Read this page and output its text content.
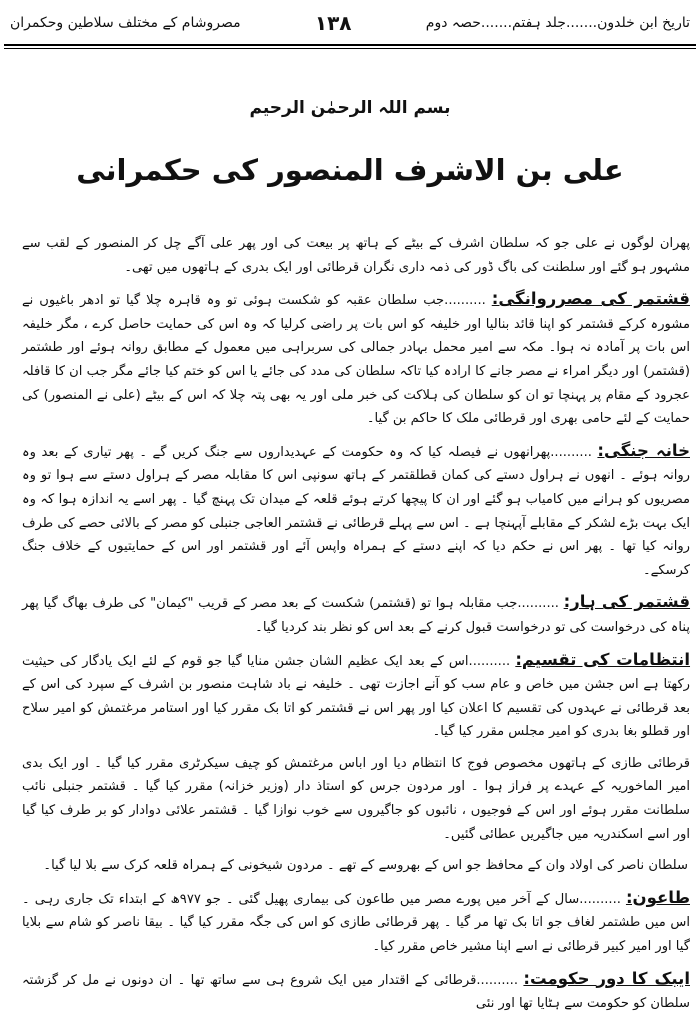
تاریخ ابن خلدون.......جلد ہفتم.......حصہ دوم
۱۳۸
مصروشام کے مختلف سلاطین وحکمران
بسم اللہ الرحمٰن الرحیم
علی بن الاشرف المنصور کی حکمرانی

پھران لوگوں نے علی جو کہ سلطان اشرف کے بیٹے کے ہاتھ پر بیعت کی اور پھر علی آگے چل کر المنصور کے لقب سے مشہور ہو گئے اور سلطنت کی باگ ڈور کی ذمہ داری نگران قرطائی اور ایک بدری کے ہاتھوں میں تھی۔

قشتمر کی مصرروانگی: ..........جب سلطان عقبہ کو شکست ہوئی تو وہ قاہرہ چلا گیا تو ادھر باغیوں نے مشورہ کرکے قشتمر کو اپنا قائد بنالیا اور خلیفہ کو اس بات پر راضی کرلیا کہ وہ اس کی حمایت حاصل کرے ، مگر خلیفہ اس بات پر آمادہ نہ ہوا۔ مکہ سے امیر محمل بہادر جمالی کی سربراہی میں معمول کے مطابق روانہ ہوئے اور طشتمر (قشتمر) اور دیگر امراء نے مصر جانے کا ارادہ کیا تاکہ سلطان کی مدد کی جائے یا اس کو ختم کیا جائے مگر جب ان کا قافلہ عجرود کے مقام پر پہنچا تو ان کو سلطان کی ہلاکت کی خبر ملی اور یہ بھی پتہ چلا کہ اس کے بیٹے (علی نے المنصور) کی حمایت کے لئے حامی بھری اور قرطائی ملک کا حاکم بن گیا۔

خانہ جنگی: ..........پھرانھوں نے فیصلہ کیا کہ وہ حکومت کے عہدیداروں سے جنگ کریں گے ۔ پھر تیاری کے بعد وہ روانہ ہوئے ۔ انھوں نے ہراول دستے کی کمان قطلقتمر کے ہاتھ سونپی اس کا مقابلہ مصر کے ہراول دستے سے ہوا تو وہ مصریوں کو ہرانے میں کامیاب ہو گئے اور ان کا پیچھا کرتے ہوئے قلعہ کے میدان تک پہنچ گیا ۔ پھر اسے یہ اندازہ ہوا کہ وہ ایک بہت بڑے لشکر کے مقابلے آپہنچا ہے ۔ اس سے پہلے قرطائی نے قشتمر العاجی جنبلی کو مصر کے بالائی حصے کی طرف روانہ کیا تھا ۔ پھر اس نے حکم دیا کہ اپنے دستے کے ہمراہ واپس آئے اور قشتمر اور اس کے حمایتیوں کے خلاف جنگ کرسکے۔

قشتمر کی ہار: ..........جب مقابلہ ہوا تو (قشتمر) شکست کے بعد مصر کے قریب "کیمان" کی طرف بھاگ گیا پھر پناہ کی درخواست کی تو درخواست قبول کرنے کے بعد اس کو نظر بند کردیا گیا۔

انتظامات کی تقسیم: ..........اس کے بعد ایک عظیم الشان جشن منایا گیا جو قوم کے لئے ایک یادگار کی حیثیت رکھتا ہے اس جشن میں خاص و عام سب کو آنے اجازت تھی ۔ خلیفہ نے باد شاہت منصور بن اشرف کے سپرد کی اس کے بعد قرطائی نے عہدوں کی تقسیم کا اعلان کیا اور پھر اس نے قشتمر کو اتا بک مقرر کیا اور استامر مرغتمش کو امیر سلاح اور قطلو بغا بدری کو امیر مجلس مقرر کیا گیا۔

قرطائی طازی کے ہاتھوں مخصوص فوج کا انتظام دیا اور اباس مرغتمش کو چیف سیکرٹری مقرر کیا گیا ۔ اور ایک بدی امیر الماخوریہ کے عہدے پر فراز ہوا ۔ اور مردون جرس کو استاذ دار (وزیر خزانہ) مقرر کیا گیا ۔ قشتمر جنبلی نائب سلطانت مقرر ہوئے اور اس کے فوجیوں ، نائبوں کو جاگیروں سے خوب نوازا گیا ۔ قشتمر علائی دوادار کو بر طرف کیا گیا اور اسے اسکندریہ میں جاگیریں عطائی گئیں۔

سلطان ناصر کی اولاد وان کے محافظ جو اس کے بھروسے کے تھے ۔ مردون شیخونی کے ہمراہ قلعہ کرک سے بلا لیا گیا۔

طاعون: ..........سال کے آخر میں پورے مصر میں طاعون کی بیماری پھیل گئی ۔ جو ۹۷۷ھ کے ابتداء تک جاری رہی ۔ اس میں طشتمر لغاف جو اتا بک تھا مر گیا ۔ پھر قرطائی طازی کو اس کی جگہ مقرر کیا گیا ۔ بیقا ناصر کو شام سے بلایا گیا اور امیر کبیر قرطائی نے اسے اپنا مشیر خاص مقرر کیا۔

ایبک کا دور حکومت: ..........قرطائی کے اقتدار میں ایک شروع ہی سے ساتھ تھا ۔ ان دونوں نے مل کر گزشتہ سلطان کو حکومت سے ہٹایا تھا اور نئی
